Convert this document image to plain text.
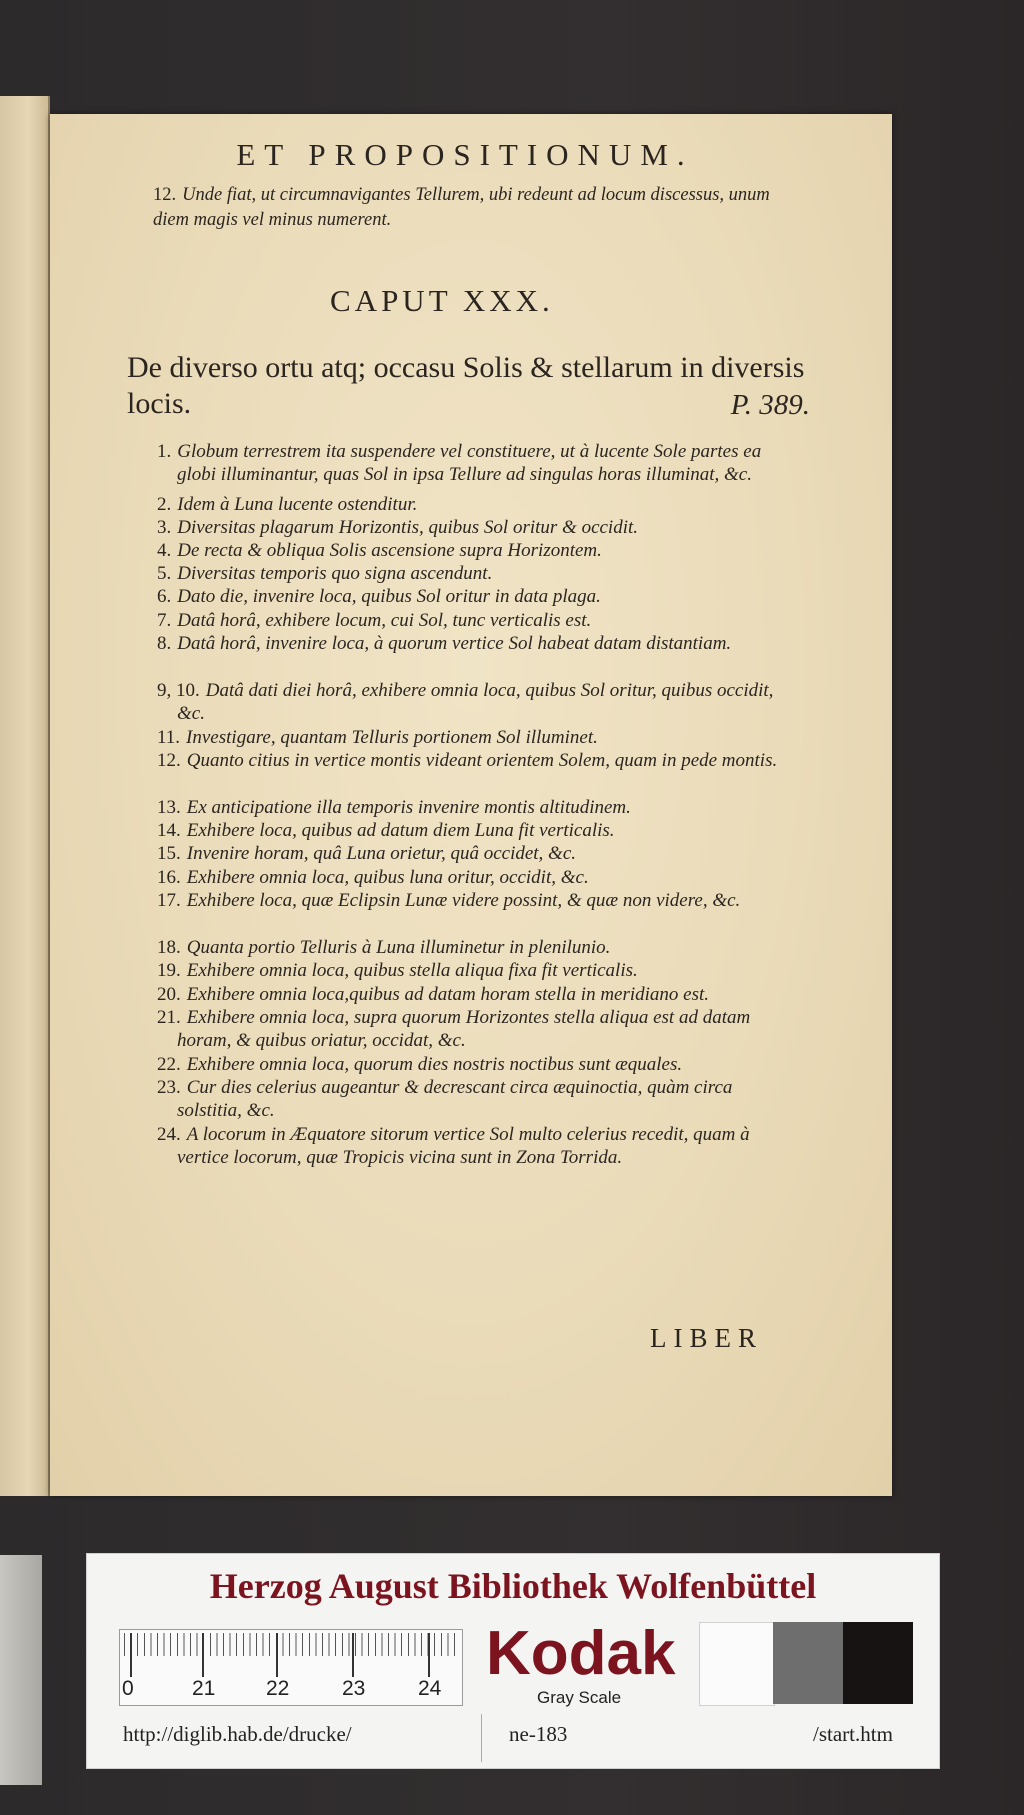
ET PROPOSITIONUM.
12. Unde fiat, ut circumnavigantes Tellurem, ubi redeunt ad locum discessus, unum diem magis vel minus numerent.
CAPUT XXX.
De diverso ortu atq; occasu Solis & stellarum in diversis locis.	P. 389.
1. Globum terrestrem ita suspendere vel constituere, ut à lucente Sole partes ea globi illuminantur, quas Sol in ipsa Tellure ad singulas horas illuminat, &c.
2. Idem à Luna lucente ostenditur.
3. Diversitas plagarum Horizontis, quibus Sol oritur & occidit.
4. De recta & obliqua Solis ascensione supra Horizontem.
5. Diversitas temporis quo signa ascendunt.
6. Dato die, invenire loca, quibus Sol oritur in data plaga.
7. Datâ horâ, exhibere locum, cui Sol, tunc verticalis est.
8. Datâ horâ, invenire loca, à quorum vertice Sol habeat datam distantiam.
9, 10. Datâ dati diei horâ, exhibere omnia loca, quibus Sol oritur, quibus occidit, &c.
11. Investigare, quantam Telluris portionem Sol illuminet.
12. Quanto citius in vertice montis videant orientem Solem, quam in pede montis.
13. Ex anticipatione illa temporis invenire montis altitudinem.
14. Exhibere loca, quibus ad datum diem Luna fit verticalis.
15. Invenire horam, quâ Luna orietur, quâ occidet, &c.
16. Exhibere omnia loca, quibus luna oritur, occidit, &c.
17. Exhibere loca, quæ Eclipsin Lunæ videre possint, & quæ non videre, &c.
18. Quanta portio Telluris à Luna illuminetur in plenilunio.
19. Exhibere omnia loca, quibus stella aliqua fixa fit verticalis.
20. Exhibere omnia loca,quibus ad datam horam stella in meridiano est.
21. Exhibere omnia loca, supra quorum Horizontes stella aliqua est ad datam horam, & quibus oriatur, occidat, &c.
22. Exhibere omnia loca, quorum dies nostris noctibus sunt æquales.
23. Cur dies celerius augeantur & decrescant circa æquinoctia, quàm circa solstitia, &c.
24. A locorum in Æquatore sitorum vertice Sol multo celerius recedit, quam à vertice locorum, quæ Tropicis vicina sunt in Zona Torrida.
LIBER
Herzog August Bibliothek Wolfenbüttel
0	21 22	23	24
Kodak
Gray Scale
http://diglib.hab.de/drucke/	ne-183	/start.htm
